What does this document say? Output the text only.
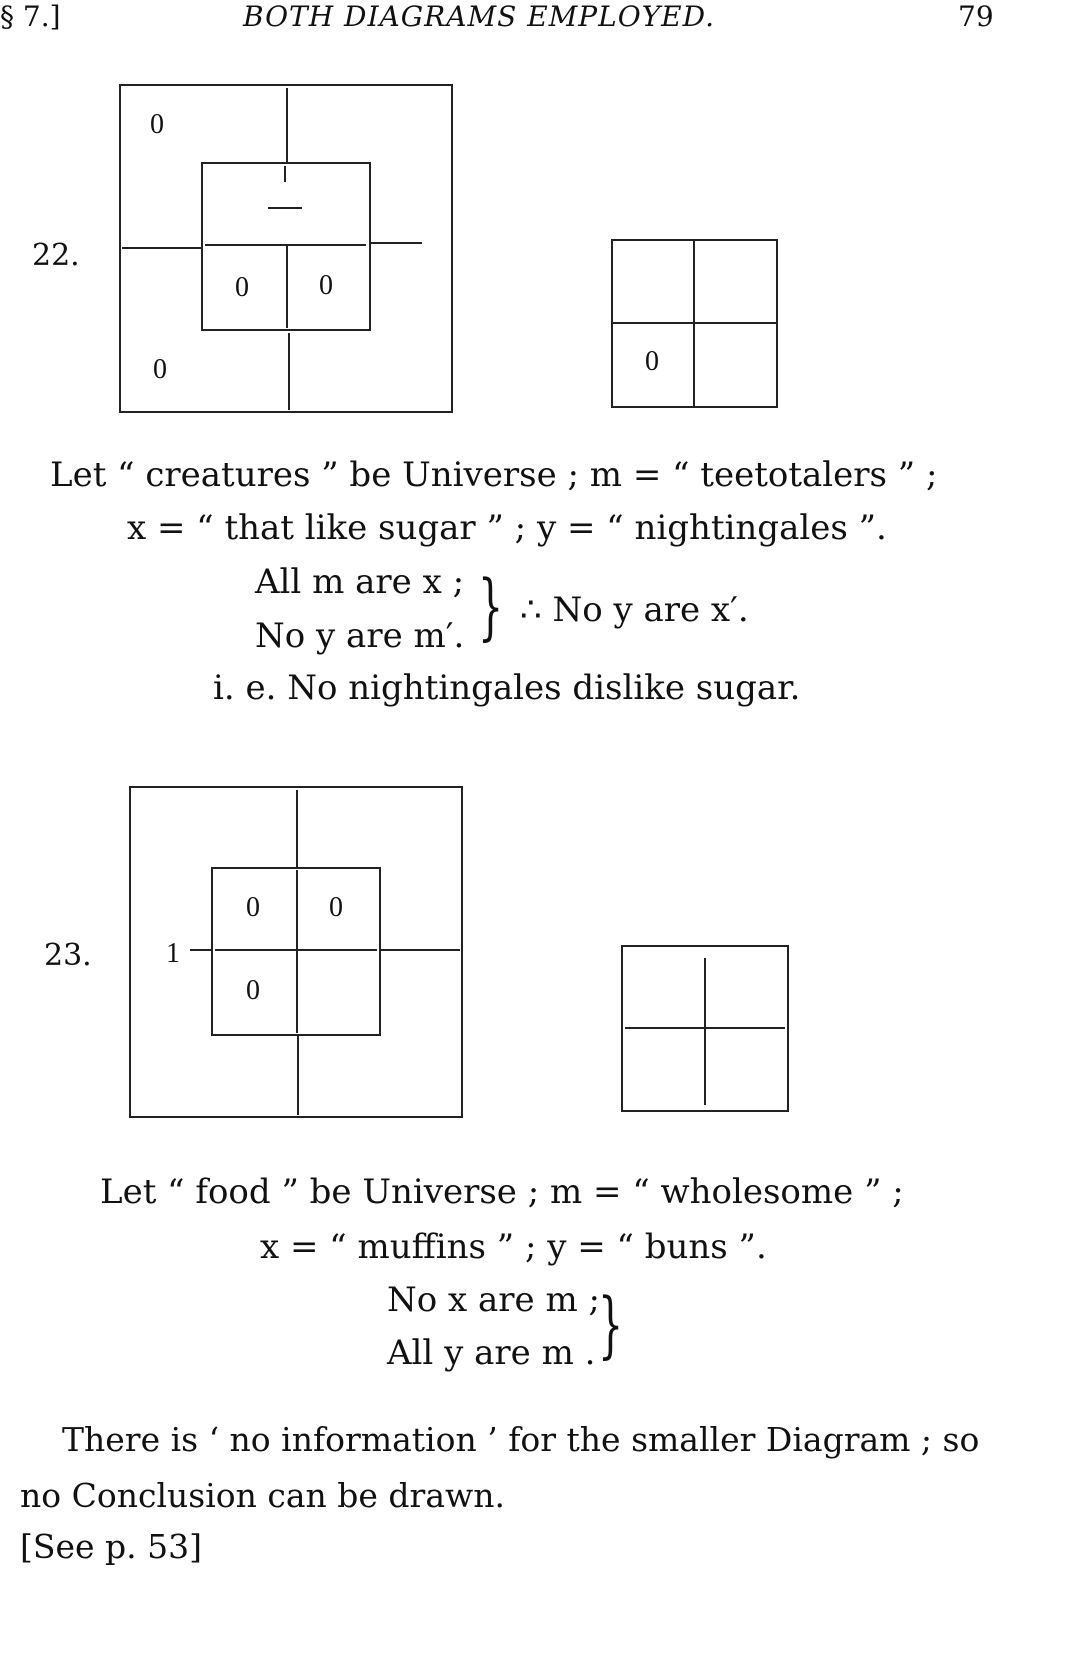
§ 7.]	BOTH DIAGRAMS EMPLOYED.	79
22.
0
0	0
0	0
1
0 0
0
Let “ creatures ” be Universe ; m = “ teetotalers ” ;
x = “ that like sugar ” ; y = “ nightingales ”.
All m are x ;
No y are m′. } ∴ No y are x′.
i. e. No nightingales dislike sugar.
23.
Let “ food ” be Universe ; m = “ wholesome ” ;
x = “ muffins ” ; y = “ buns ”.
No x are m ;
All y are m . }
There is ‘ no information ’ for the smaller Diagram ; so
no Conclusion can be drawn.
[See p. 53]
